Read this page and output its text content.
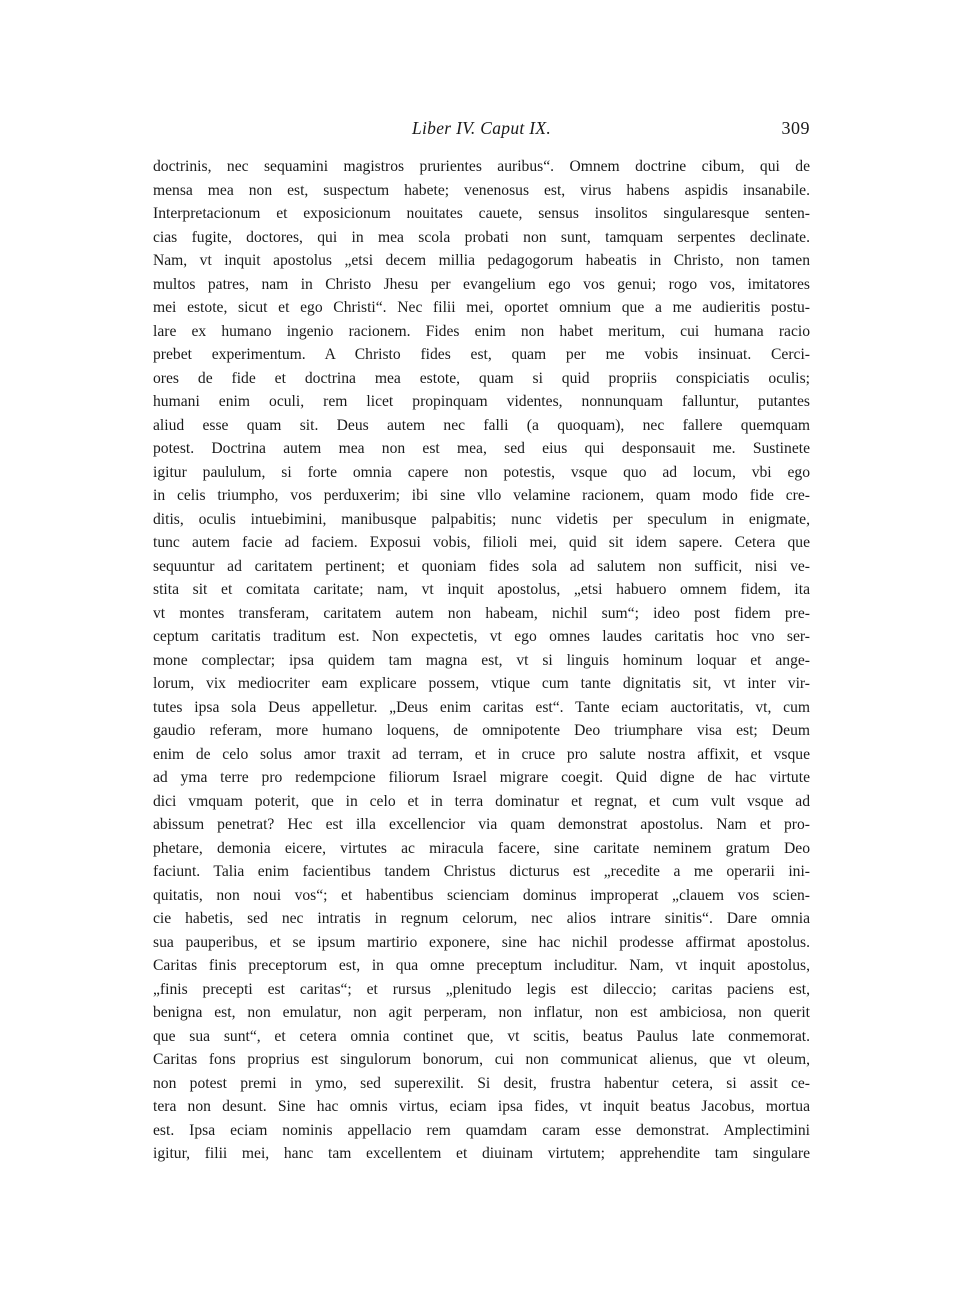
Liber IV. Caput IX.	309
doctrinis, nec sequamini magistros prurientes auribus“. Omnem doctrine cibum, qui de
mensa mea non est, suspectum habete; venenosus est, virus habens aspidis insanabile.
Interpretacionum et exposicionum nouitates cauete, sensus insolitos singularesque senten-
cias fugite, doctores, qui in mea scola probati non sunt, tamquam serpentes declinate.
Nam, vt inquit apostolus „etsi decem millia pedagogorum habeatis in Christo, non tamen
multos patres, nam in Christo Jhesu per evangelium ego vos genui; rogo vos, imitatores
mei estote, sicut et ego Christi“. Nec filii mei, oportet omnium que a me audieritis postu-
lare ex humano ingenio racionem. Fides enim non habet meritum, cui humana racio
prebet experimentum. A Christo fides est, quam per me vobis insinuat. Cerci-
ores de fide et doctrina mea estote, quam si quid propriis conspiciatis oculis;
humani enim oculi, rem licet propinquam videntes, nonnunquam falluntur, putantes
aliud esse quam sit. Deus autem nec falli (a quoquam), nec fallere quemquam
potest. Doctrina autem mea non est mea, sed eius qui desponsauit me. Sustinete
igitur paululum, si forte omnia capere non potestis, vsque quo ad locum, vbi ego
in celis triumpho, vos perduxerim; ibi sine vllo velamine racionem, quam modo fide cre-
ditis, oculis intuebimini, manibusque palpabitis; nunc videtis per speculum in enigmate,
tunc autem facie ad faciem. Exposui vobis, filioli mei, quid sit idem sapere. Cetera que
sequuntur ad caritatem pertinent; et quoniam fides sola ad salutem non sufficit, nisi ve-
stita sit et comitata caritate; nam, vt inquit apostolus, „etsi habuero omnem fidem, ita
vt montes transferam, caritatem autem non habeam, nichil sum“; ideo post fidem pre-
ceptum caritatis traditum est. Non expectetis, vt ego omnes laudes caritatis hoc vno ser-
mone complectar; ipsa quidem tam magna est, vt si linguis hominum loquar et ange-
lorum, vix mediocriter eam explicare possem, vtique cum tante dignitatis sit, vt inter vir-
tutes ipsa sola Deus appelletur. „Deus enim caritas est“. Tante eciam auctoritatis, vt, cum
gaudio referam, more humano loquens, de omnipotente Deo triumphare visa est; Deum
enim de celo solus amor traxit ad terram, et in cruce pro salute nostra affixit, et vsque
ad yma terre pro redempcione filiorum Israel migrare coegit. Quid digne de hac virtute
dici vmquam poterit, que in celo et in terra dominatur et regnat, et cum vult vsque ad
abissum penetrat? Hec est illa excellencior via quam demonstrat apostolus. Nam et pro-
phetare, demonia eicere, virtutes ac miracula facere, sine caritate neminem gratum Deo
faciunt. Talia enim facientibus tandem Christus dicturus est „recedite a me operarii ini-
quitatis, non noui vos“; et habentibus scienciam dominus improperat „clauem vos scien-
cie habetis, sed nec intratis in regnum celorum, nec alios intrare sinitis“. Dare omnia
sua pauperibus, et se ipsum martirio exponere, sine hac nichil prodesse affirmat apostolus.
Caritas finis preceptorum est, in qua omne preceptum includitur. Nam, vt inquit apostolus,
„finis precepti est caritas“; et rursus „plenitudo legis est dileccio; caritas paciens est,
benigna est, non emulatur, non agit perperam, non inflatur, non est ambiciosa, non querit
que sua sunt“, et cetera omnia continet que, vt scitis, beatus Paulus late conmemorat.
Caritas fons proprius est singulorum bonorum, cui non communicat alienus, que vt oleum,
non potest premi in ymo, sed superexilit. Si desit, frustra habentur cetera, si assit ce-
tera non desunt. Sine hac omnis virtus, eciam ipsa fides, vt inquit beatus Jacobus, mortua
est. Ipsa eciam nominis appellacio rem quamdam caram esse demonstrat. Amplectimini
igitur, filii mei, hanc tam excellentem et diuinam virtutem; apprehendite tam singulare
